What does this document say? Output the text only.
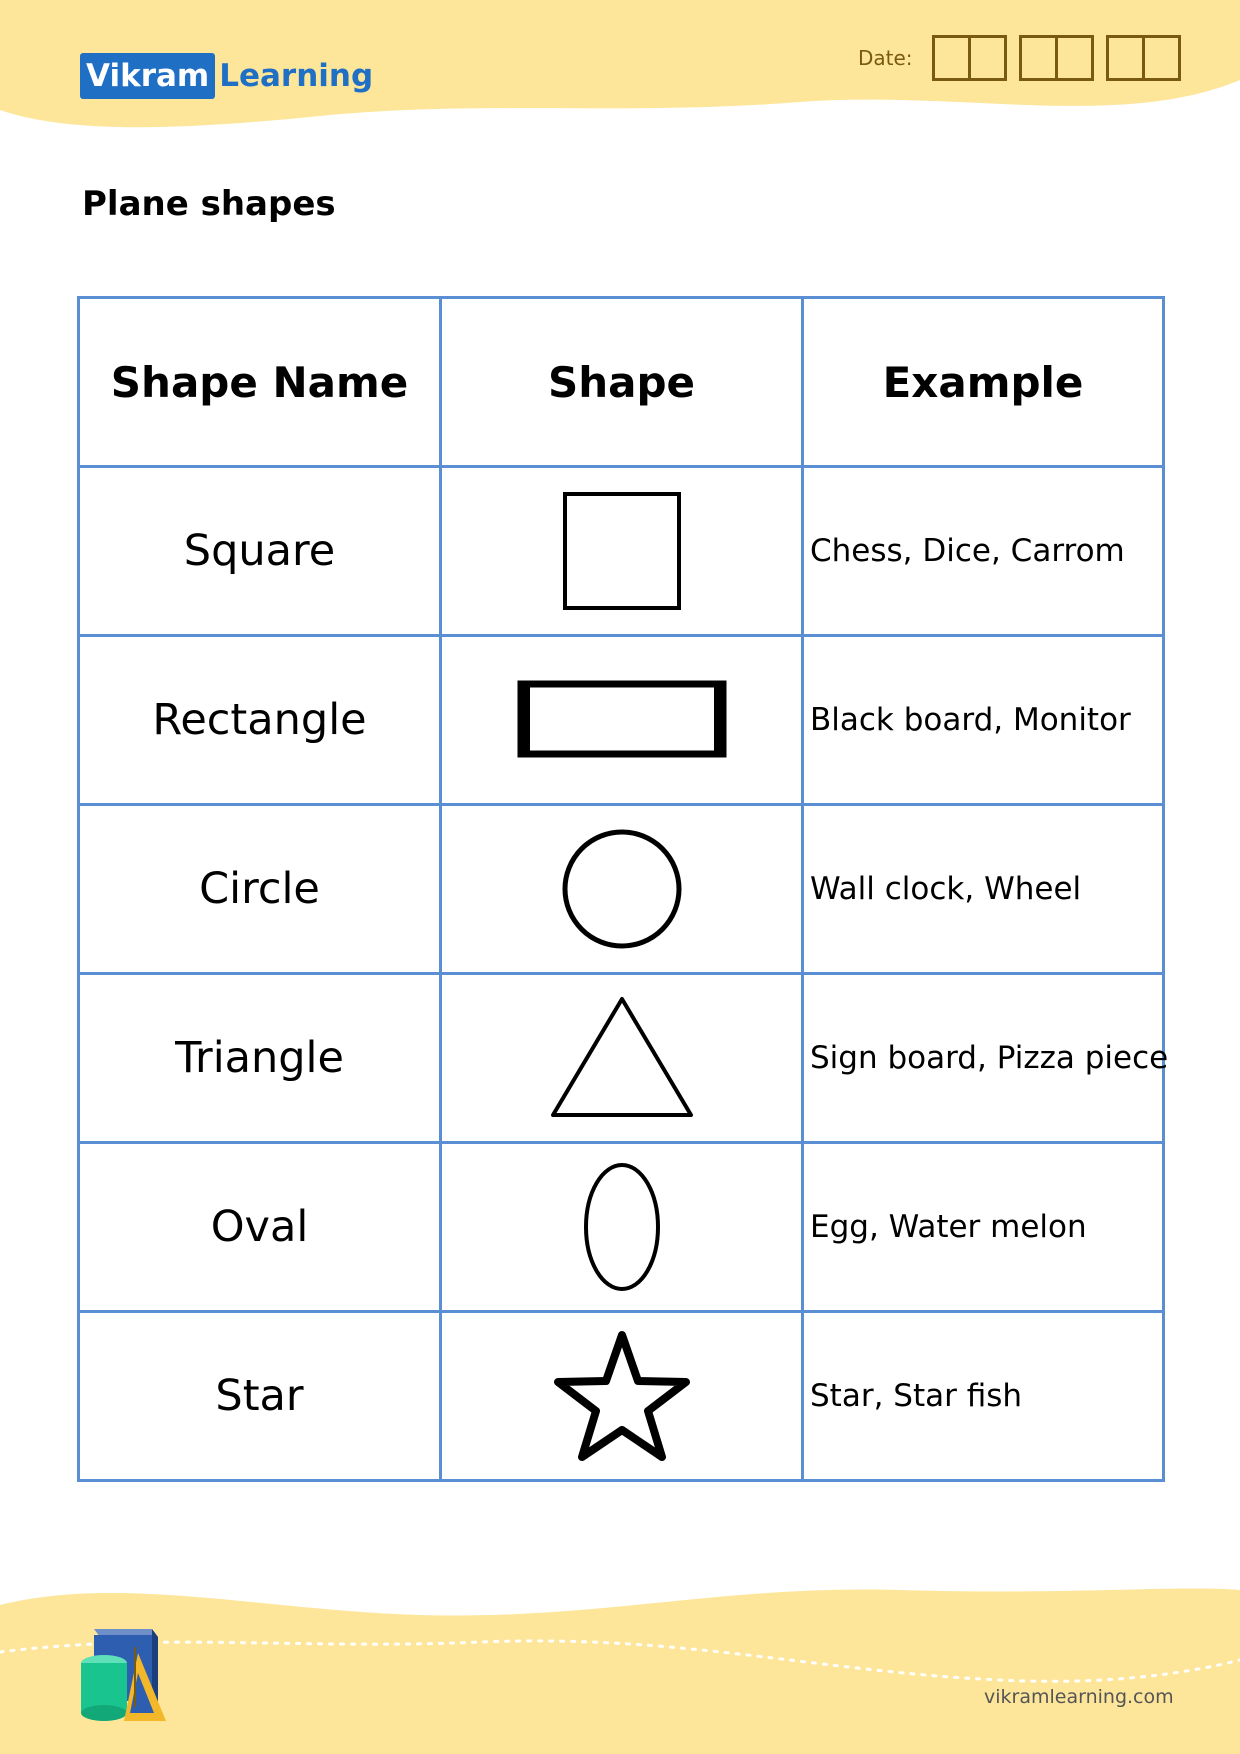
Vikram Learning	Date:
Plane shapes
Shape Name	Shape	Example
Square		Chess, Dice, Carrom
Rectangle		Black board, Monitor
Circle		Wall clock, Wheel
Triangle		Sign board, Pizza piece
Oval		Egg, Water melon
Star		Star, Star fish
vikramlearning.com
